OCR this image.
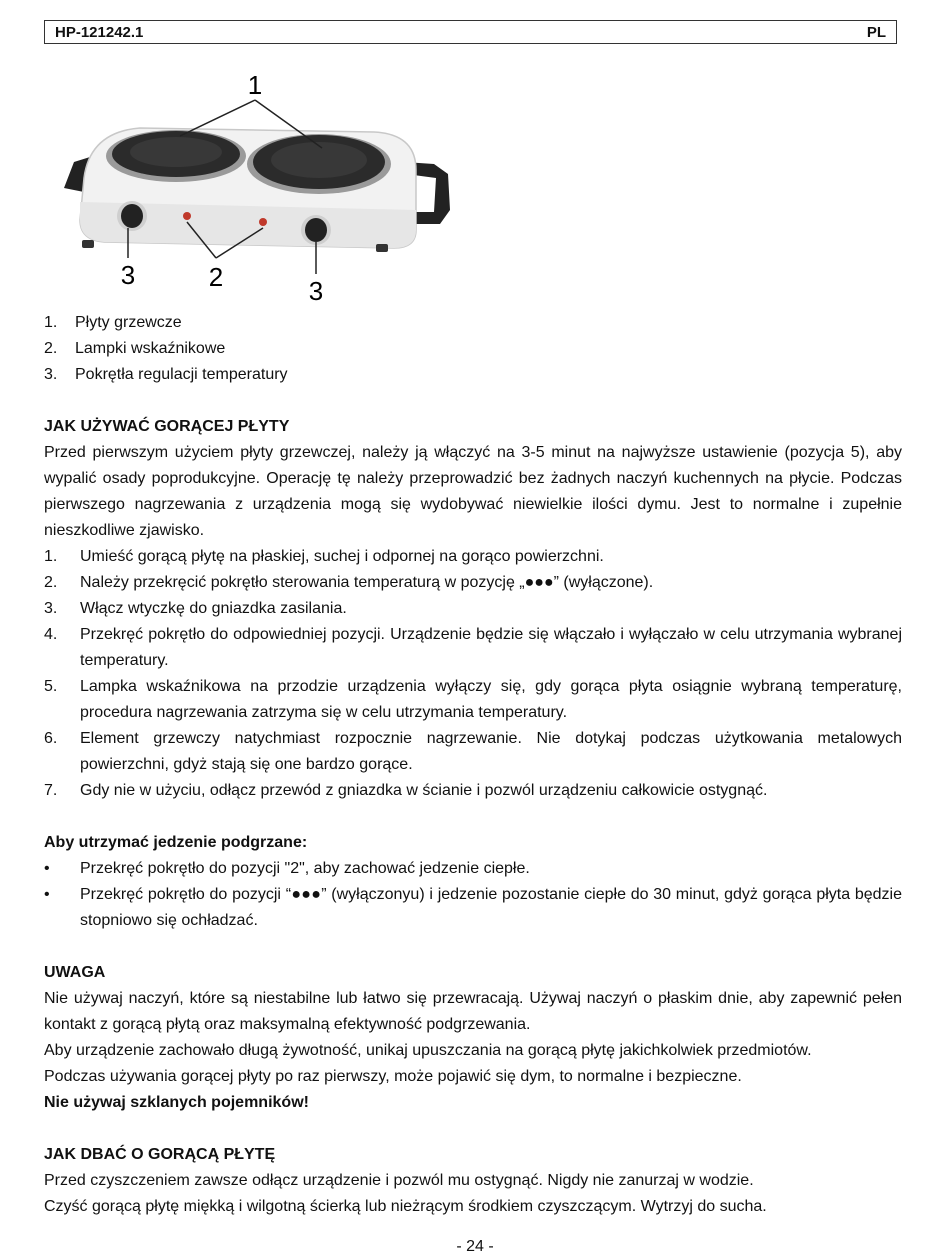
HP-121242.1	PL
1
3	2	3
1.	Płyty grzewcze
2.	Lampki wskaźnikowe
3.	Pokrętła regulacji temperatury
JAK UŻYWAĆ GORĄCEJ PŁYTY

Przed pierwszym użyciem płyty grzewczej, należy ją włączyć na 3-5 minut na najwyższe ustawienie (pozycja 5), aby wypalić osady poprodukcyjne. Operację tę należy przeprowadzić bez żadnych naczyń kuchennych na płycie. Podczas pierwszego nagrzewania z urządzenia mogą się wydobywać niewielkie ilości dymu. Jest to normalne i zupełnie nieszkodliwe zjawisko.

1.	Umieść gorącą płytę na płaskiej, suchej i odpornej na gorąco powierzchni.
2.	Należy przekręcić pokrętło sterowania temperaturą w pozycję „●●●” (wyłączone).
3.	Włącz wtyczkę do gniazdka zasilania.
4.	Przekręć pokrętło do odpowiedniej pozycji. Urządzenie będzie się włączało i wyłączało w celu utrzymania wybranej temperatury.
5.	Lampka wskaźnikowa na przodzie urządzenia wyłączy się, gdy gorąca płyta osiągnie wybraną temperaturę, procedura nagrzewania zatrzyma się w celu utrzymania temperatury.
6.	Element grzewczy natychmiast rozpocznie nagrzewanie. Nie dotykaj podczas użytkowania metalowych powierzchni, gdyż stają się one bardzo gorące.
7.	Gdy nie w użyciu, odłącz przewód z gniazdka w ścianie i pozwól urządzeniu całkowicie ostygnąć.
Aby utrzymać jedzenie podgrzane:
•	Przekręć pokrętło do pozycji "2", aby zachować jedzenie ciepłe.
•	Przekręć pokrętło do pozycji “●●●” (wyłączonyu) i jedzenie pozostanie ciepłe do 30 minut, gdyż gorąca płyta będzie stopniowo się ochładzać.
UWAGA

Nie używaj naczyń, które są niestabilne lub łatwo się przewracają. Używaj naczyń o płaskim dnie, aby zapewnić pełen kontakt z gorącą płytą oraz maksymalną efektywność podgrzewania.

Aby urządzenie zachowało długą żywotność, unikaj upuszczania na gorącą płytę jakichkolwiek przedmiotów.

Podczas używania gorącej płyty po raz pierwszy, może pojawić się dym, to normalne i bezpieczne.

Nie używaj szklanych pojemników!

JAK DBAĆ O GORĄCĄ PŁYTĘ

Przed czyszczeniem zawsze odłącz urządzenie i pozwól mu ostygnąć. Nigdy nie zanurzaj w wodzie.

Czyść gorącą płytę miękką i wilgotną ścierką lub nieżrącym środkiem czyszczącym. Wytrzyj do sucha.

- 24 -
